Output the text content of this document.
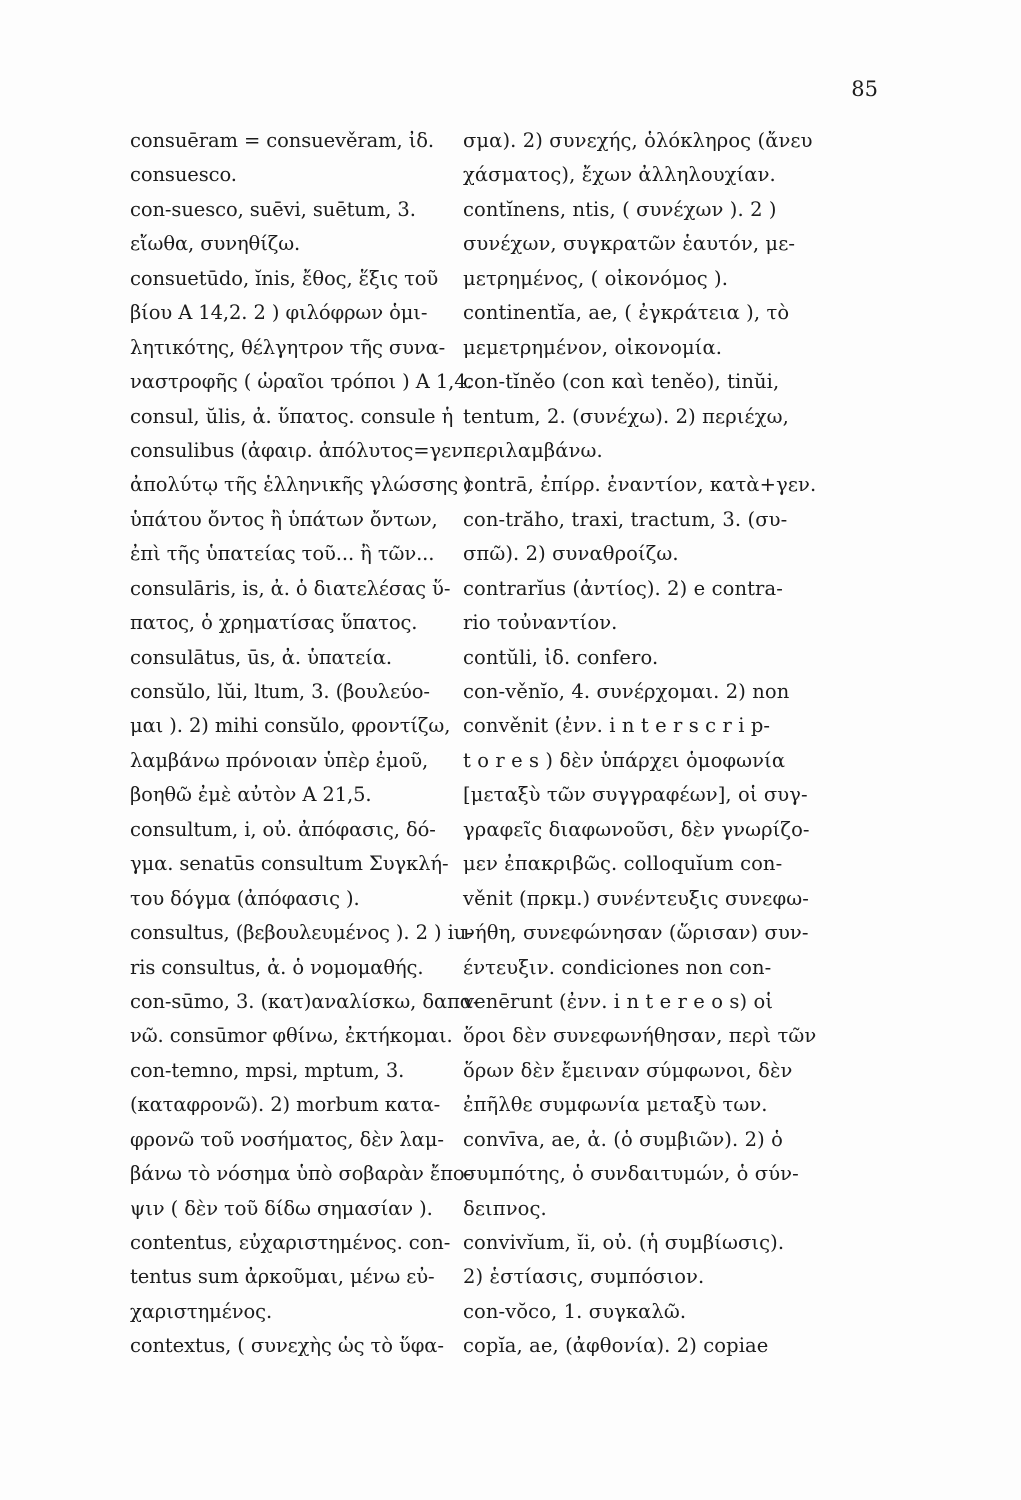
85
consuēram = consuevěram, ἰδ.
consuesco.
con-suesco, suēvi, suētum, 3.
εἴωθα, συνηθίζω.
consuetūdo, ĭnis, ἔθος, ἕξις τοῦ
βίου A 14,2. 2 ) φιλόφρων ὁμι-
λητικότης, θέλγητρον τῆς συνα-
ναστροφῆς ( ὡραῖοι τρόποι ) A 1,4.
consul, ŭlis, ἀ. ὕπατος. consule ἡ
consulibus (ἀφαιρ. ἀπόλυτος=γεν.
ἀπολύτῳ τῆς ἑλληνικῆς γλώσσης )
ὑπάτου ὄντος ἢ ὑπάτων ὄντων,
ἐπὶ τῆς ὑπατείας τοῦ... ἢ τῶν...
consulāris, is, ἀ. ὁ διατελέσας ὕ-
πατος, ὁ χρηματίσας ὕπατος.
consulātus, ūs, ἀ. ὑπατεία.
consŭlo, lŭi, ltum, 3. (βουλεύο-
μαι ). 2) mihi consŭlo, φροντίζω,
λαμβάνω πρόνοιαν ὑπὲρ ἐμοῦ,
βοηθῶ ἐμὲ αὐτὸν A 21,5.
consultum, i, οὐ. ἀπόφασις, δό-
γμα. senatūs consultum Συγκλή-
του δόγμα (ἀπόφασις ).
consultus, (βεβουλευμένος ). 2 ) iu-
ris consultus, ἀ. ὁ νομομαθής.
con-sūmo, 3. (κατ)αναλίσκω, δαπα-
νῶ. consūmor φθίνω, ἐκτήκομαι.
con-temno, mpsi, mptum, 3.
(καταφρονῶ). 2) morbum κατα-
φρονῶ τοῦ νοσήματος, δὲν λαμ-
βάνω τὸ νόσημα ὑπὸ σοβαρὰν ἔπο-
ψιν ( δὲν τοῦ δίδω σημασίαν ).
contentus, εὐχαριστημένος. con-
tentus sum ἀρκοῦμαι, μένω εὐ-
χαριστημένος.
contextus, ( συνεχὴς ὡς τὸ ὕφα-
σμα). 2) συνεχής, ὁλόκληρος (ἄνευ
χάσματος), ἔχων ἀλληλουχίαν.
contĭnens, ntis, ( συνέχων ). 2 )
συνέχων, συγκρατῶν ἑαυτόν, με-
μετρημένος, ( οἰκονόμος ).
continentĭa, ae, ( ἐγκράτεια ), τὸ
μεμετρημένον, οἰκονομία.
con-tĭněo (con καὶ teněo), tinŭi,
tentum, 2. (συνέχω). 2) περιέχω,
περιλαμβάνω.
contrā, ἐπίρρ. ἐναντίον, κατὰ+γεν.
con-trăho, traxi, tractum, 3. (συ-
σπῶ). 2) συναθροίζω.
contrarĭus (ἀντίος). 2) e contra-
rio τοὐναντίον.
contŭli, ἰδ. confero.
con-věnĭo, 4. συνέρχομαι. 2) non
convěnit (ἐνν. i n t e r s c r i p-
t o r e s ) δὲν ὑπάρχει ὁμοφωνία
[μεταξὺ τῶν συγγραφέων], οἱ συγ-
γραφεῖς διαφωνοῦσι, δὲν γνωρίζο-
μεν ἐπακριβῶς. colloquĭum con-
věnit (πρκμ.) συνέντευξις συνεφω-
νήθη, συνεφώνησαν (ὥρισαν) συν-
έντευξιν. condiciones non con-
venērunt (ἐνν. i n t e r e o s) οἱ
ὅροι δὲν συνεφωνήθησαν, περὶ τῶν
ὅρων δὲν ἔμειναν σύμφωνοι, δὲν
ἐπῆλθε συμφωνία μεταξὺ των.
convīva, ae, ἀ. (ὁ συμβιῶν). 2) ὁ
συμπότης, ὁ συνδαιτυμών, ὁ σύν-
δειπνος.
convivĭum, ĭi, οὐ. (ἡ συμβίωσις).
2) ἑστίασις, συμπόσιον.
con-vŏco, 1. συγκαλῶ.
copĭa, ae, (ἀφθονία). 2) copiae
